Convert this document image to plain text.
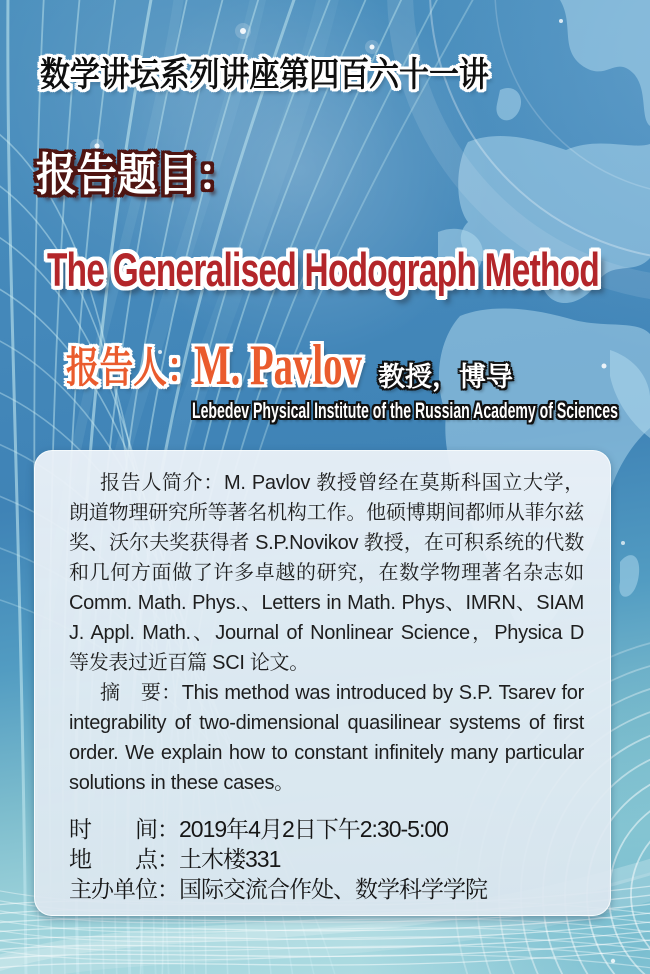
数学讲坛系列讲座第四百六十一讲
报告题目：
The Generalised Hodograph Method
报告人：
M. Pavlov 教授，博导
Lebedev Physical Institute of the Russian Academy of Sciences

报告人简介：M. Pavlov 教授曾经在莫斯科国立大学，朗道物理研究所等著名机构工作。他硕博期间都师从菲尔兹奖、沃尔夫奖获得者 S.P.Novikov 教授，在可积系统的代数和几何方面做了许多卓越的研究，在数学物理著名杂志如 Comm. Math. Phys.、Letters in Math. Phys、IMRN、SIAM J. Appl. Math.、Journal of Nonlinear Science，Physica D 等发表过近百篇 SCI 论文。

摘　要：This method was introduced by S.P. Tsarev for integrability of two-dimensional quasilinear systems of first order. We explain how to constant infinitely many particular solutions in these cases。

时　　间：2019年4月2日下午2:30-5:00
地　　点：土木楼331
主办单位：国际交流合作处、数学科学学院
